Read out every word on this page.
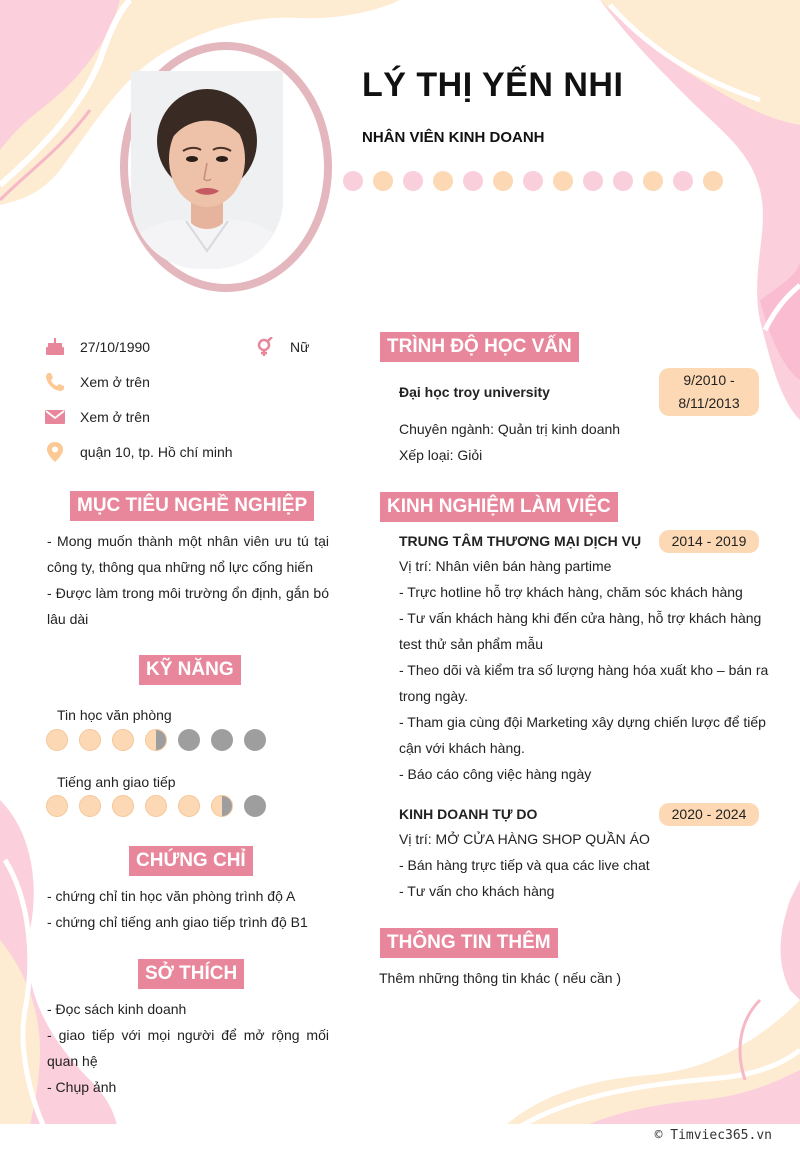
LÝ THỊ YẾN NHI
NHÂN VIÊN KINH DOANH
27/10/1990	Nữ
Xem ở trên
Xem ở trên
quận 10, tp. Hồ chí minh
MỤC TIÊU NGHỀ NGHIỆP
- Mong muốn thành một nhân viên ưu tú tại công ty, thông qua những nổ lực cống hiến
- Được làm trong môi trường ổn định, gắn bó lâu dài
KỸ NĂNG
Tin học văn phòng
Tiếng anh giao tiếp
CHỨNG CHỈ
- chứng chỉ tin học văn phòng trình độ A
- chứng chỉ tiếng anh giao tiếp trình độ B1
SỞ THÍCH
- Đọc sách kinh doanh
- giao tiếp với mọi người để mở rộng mối quan hệ
- Chụp ảnh
TRÌNH ĐỘ HỌC VẤN
Đại học troy university
9/2010 -
8/11/2013
Chuyên ngành: Quản trị kinh doanh
Xếp loại: Giỏi
KINH NGHIỆM LÀM VIỆC
TRUNG TÂM THƯƠNG MẠI DỊCH VỤ	2014 - 2019
Vị trí: Nhân viên bán hàng partime
- Trực hotline hỗ trợ khách hàng, chăm sóc khách hàng
- Tư vấn khách hàng khi đến cửa hàng, hỗ trợ khách hàng
test thử sản phẩm mẫu
- Theo dõi và kiểm tra số lượng hàng hóa xuất kho – bán ra
trong ngày.
- Tham gia cùng đội Marketing xây dựng chiến lược để tiếp
cận với khách hàng.
- Báo cáo công việc hàng ngày
KINH DOANH TỰ DO	2020 - 2024
Vị trí: MỞ CỬA HÀNG SHOP QUẦN ÁO
- Bán hàng trực tiếp và qua các live chat
- Tư vấn cho khách hàng
THÔNG TIN THÊM
Thêm những thông tin khác ( nếu cần )
© Timviec365.vn
